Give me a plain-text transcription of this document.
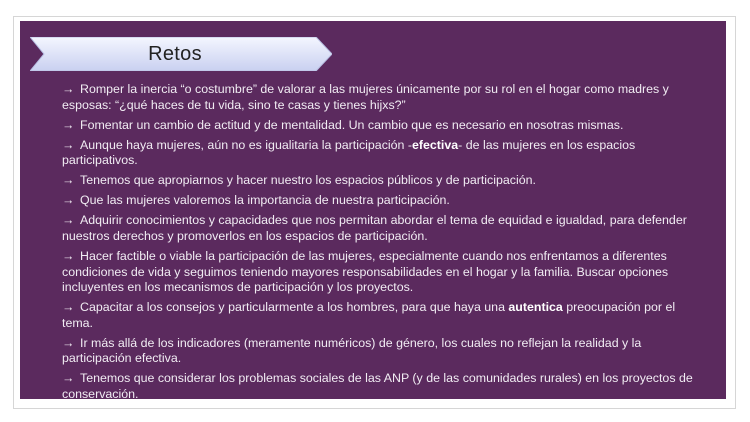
Retos
→ Romper la inercia “o costumbre” de valorar a las mujeres únicamente por su rol en el hogar como madres y esposas: “¿qué haces de tu vida, sino te casas y tienes hijxs?”
→ Fomentar un cambio de actitud y de mentalidad. Un cambio que es necesario en nosotras mismas.
→ Aunque haya mujeres, aún no es igualitaria la participación -efectiva- de las mujeres en los espacios participativos.
→ Tenemos que apropiarnos y hacer nuestro los espacios públicos y de participación.
→ Que las mujeres valoremos la importancia de nuestra participación.
→ Adquirir conocimientos y capacidades que nos permitan abordar el tema de equidad e igualdad, para defender nuestros derechos y promoverlos en los espacios de participación.
→ Hacer factible o viable la participación de las mujeres, especialmente cuando nos enfrentamos a diferentes condiciones de vida y seguimos teniendo mayores responsabilidades en el hogar y la familia. Buscar opciones incluyentes en los mecanismos de participación y los proyectos.
→ Capacitar a los consejos y particularmente a los hombres, para que haya una autentica preocupación por el tema.
→ Ir más allá de los indicadores (meramente numéricos) de género, los cuales no reflejan la realidad y la participación efectiva.
→ Tenemos que considerar los problemas sociales de las ANP (y de las comunidades rurales) en los proyectos de conservación.
